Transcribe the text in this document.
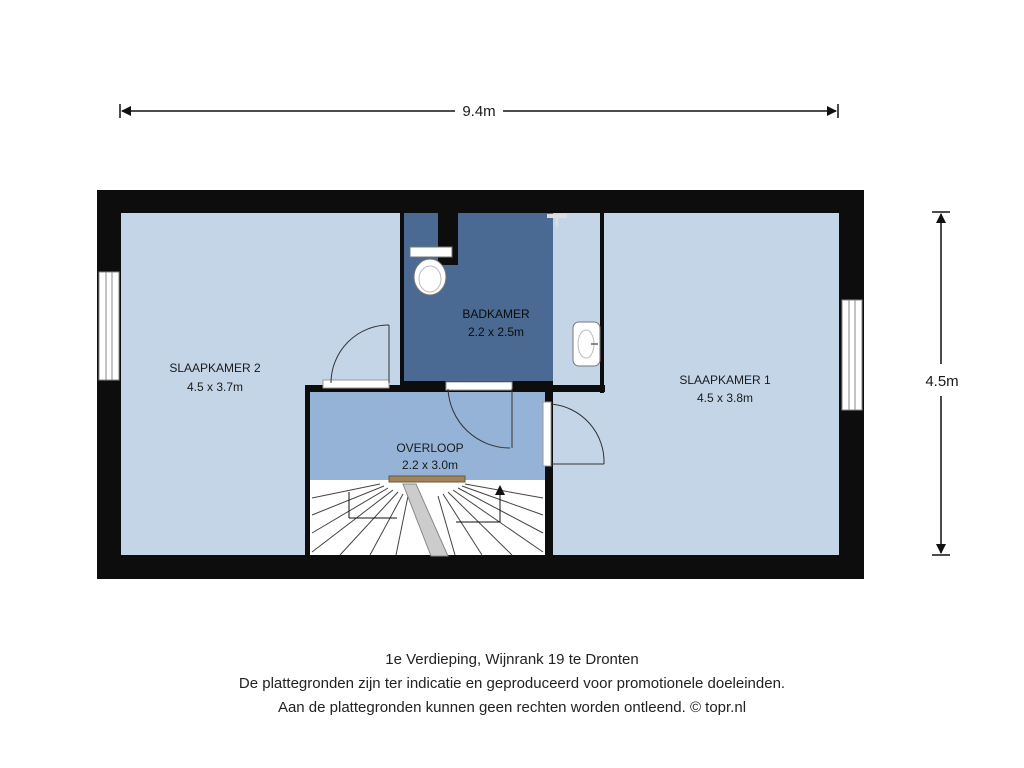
9.4m
4.5m
SLAAPKAMER 2
4.5 x 3.7m
BADKAMER
2.2 x 2.5m
SLAAPKAMER 1
4.5 x 3.8m
OVERLOOP
2.2 x 3.0m
1e Verdieping, Wijnrank 19 te Dronten
De plattegronden zijn ter indicatie en geproduceerd voor promotionele doeleinden.
Aan de plattegronden kunnen geen rechten worden ontleend. © topr.nl
